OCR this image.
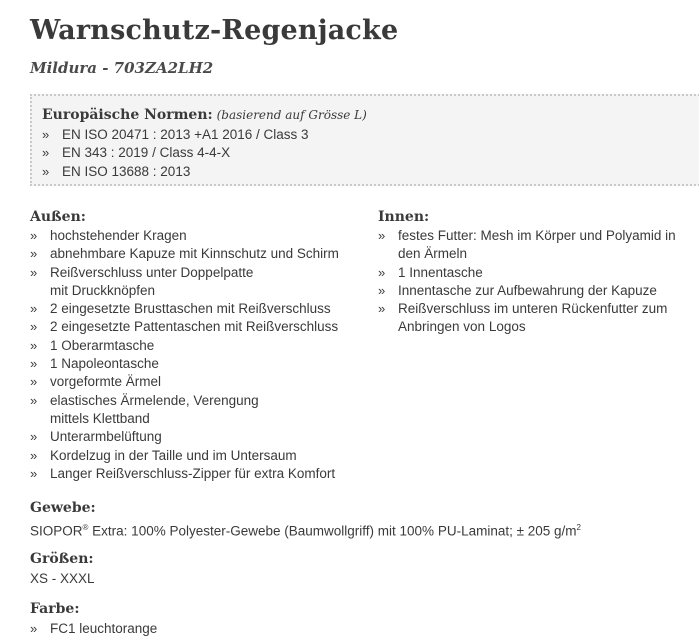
Warnschutz-Regenjacke
Mildura - 703ZA2LH2
Europäische Normen: (basierend auf Grösse L)
» EN ISO 20471 : 2013 +A1 2016 / Class 3
» EN 343 : 2019 / Class 4-4-X
» EN ISO 13688 : 2013
Außen:
» hochstehender Kragen
» abnehmbare Kapuze mit Kinnschutz und Schirm
» Reißverschluss unter Doppelpatte
mit Druckknöpfen
» 2 eingesetzte Brusttaschen mit Reißverschluss
» 2 eingesetzte Pattentaschen mit Reißverschluss
» 1 Oberarmtasche
» 1 Napoleontasche
» vorgeformte Ärmel
» elastisches Ärmelende, Verengung
mittels Klettband
» Unterarmbelüftung
» Kordelzug in der Taille und im Untersaum
» Langer Reißverschluss-Zipper für extra Komfort
Innen:
» festes Futter: Mesh im Körper und Polyamid in
den Ärmeln
» 1 Innentasche
» Innentasche zur Aufbewahrung der Kapuze
» Reißverschluss im unteren Rückenfutter zum
Anbringen von Logos
Gewebe:
SIOPOR® Extra: 100% Polyester-Gewebe (Baumwollgriff) mit 100% PU-Laminat; ± 205 $g/m^2$
Größen:
XS - XXXL
Farbe:
» FC1 leuchtorange
